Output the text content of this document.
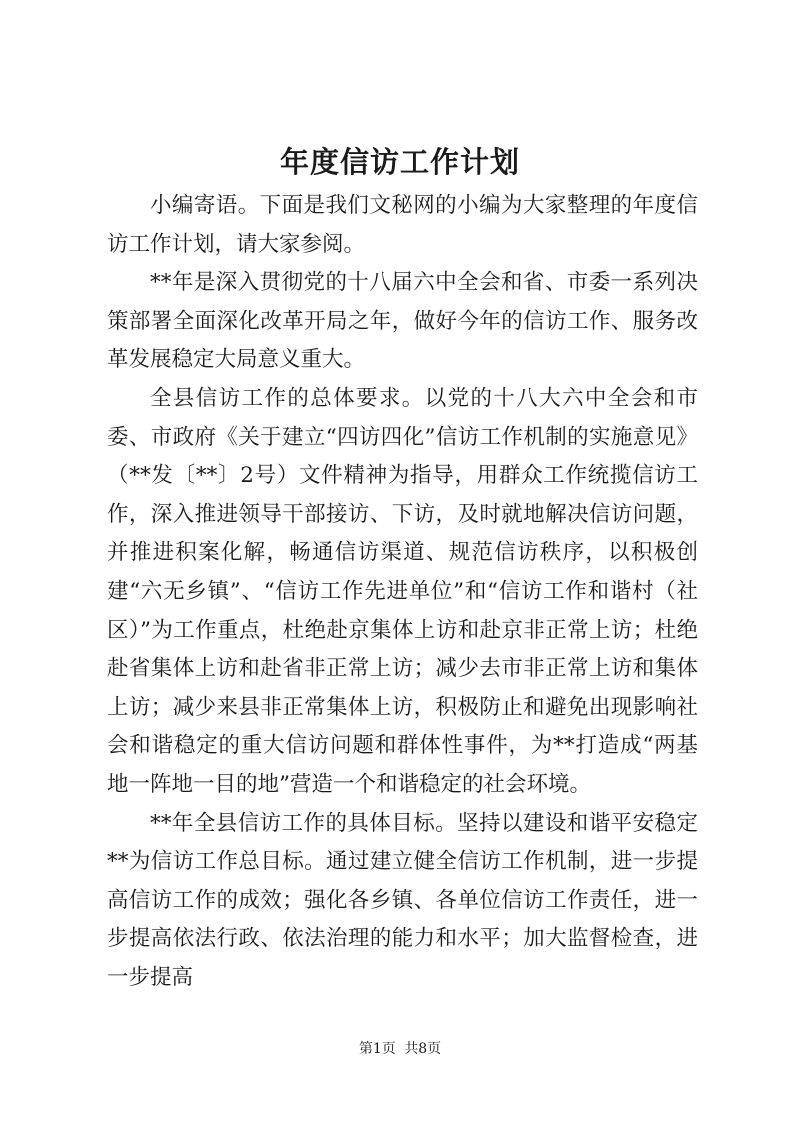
年度信访工作计划

小编寄语。下面是我们文秘网的小编为大家整理的年度信访工作计划，请大家参阅。

**年是深入贯彻党的十八届六中全会和省、市委一系列决策部署全面深化改革开局之年，做好今年的信访工作、服务改革发展稳定大局意义重大。

全县信访工作的总体要求。以党的十八大六中全会和市委、市政府《关于建立“四访四化”信访工作机制的实施意见》（**发〔**〕2号）文件精神为指导，用群众工作统揽信访工作，深入推进领导干部接访、下访，及时就地解决信访问题，并推进积案化解，畅通信访渠道、规范信访秩序，以积极创建“六无乡镇”、“信访工作先进单位”和“信访工作和谐村（社区）”为工作重点，杜绝赴京集体上访和赴京非正常上访；杜绝赴省集体上访和赴省非正常上访；减少去市非正常上访和集体上访；减少来县非正常集体上访，积极防止和避免出现影响社会和谐稳定的重大信访问题和群体性事件，为**打造成“两基地一阵地一目的地”营造一个和谐稳定的社会环境。

**年全县信访工作的具体目标。坚持以建设和谐平安稳定**为信访工作总目标。通过建立健全信访工作机制，进一步提高信访工作的成效；强化各乡镇、各单位信访工作责任，进一步提高依法行政、依法治理的能力和水平；加大监督检查，进一步提高

第1页 共8页
